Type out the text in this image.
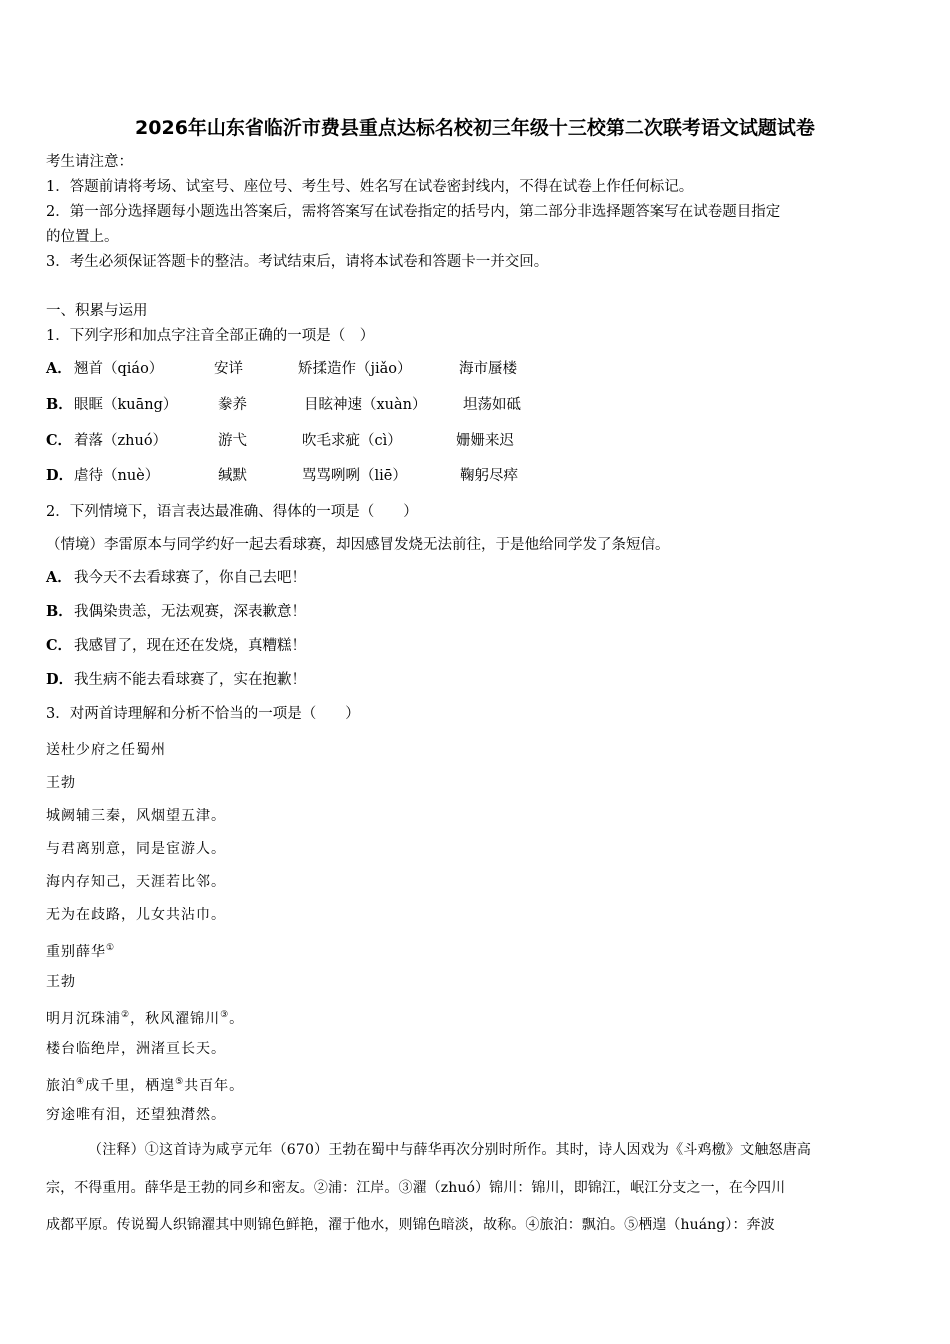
2026年山东省临沂市费县重点达标名校初三年级十三校第二次联考语文试题试卷
考生请注意：
1．答题前请将考场、试室号、座位号、考生号、姓名写在试卷密封线内，不得在试卷上作任何标记。
2．第一部分选择题每小题选出答案后，需将答案写在试卷指定的括号内，第二部分非选择题答案写在试卷题目指定
的位置上。
3．考生必须保证答题卡的整洁。考试结束后，请将本试卷和答题卡一并交回。
一、积累与运用
1．下列字形和加点字注音全部正确的一项是（　）
A． 翘首（qiáo）	安详	矫揉造作（jiǎo）	海市蜃楼
B． 眼眶（kuāng）	豢养	目眩神速（xuàn）	坦荡如砥
C． 着落（zhuó）	游弋	吹毛求疵（cì）	姗姗来迟
D． 虐待（nuè）	缄默	骂骂咧咧（liē）	鞠躬尽瘁
2．下列情境下，语言表达最准确、得体的一项是（　　）
（情境）李雷原本与同学约好一起去看球赛，却因感冒发烧无法前往，于是他给同学发了条短信。
A． 我今天不去看球赛了，你自己去吧！
B． 我偶染贵恙，无法观赛，深表歉意！
C． 我感冒了，现在还在发烧，真糟糕！
D． 我生病不能去看球赛了，实在抱歉！
3．对两首诗理解和分析不恰当的一项是（　　）
送杜少府之任蜀州
王勃
城阙辅三秦，风烟望五津。
与君离别意，同是宦游人。
海内存知己，天涯若比邻。
无为在歧路，儿女共沾巾。
重别薛华①
王勃
明月沉珠浦②，秋风濯锦川③。
楼台临绝岸，洲渚亘长天。
旅泊④成千里，栖遑⑤共百年。
穷途唯有泪，还望独潸然。
（注释）①这首诗为咸亨元年（670）王勃在蜀中与薛华再次分别时所作。其时，诗人因戏为《斗鸡檄》文触怒唐高
宗，不得重用。薛华是王勃的同乡和密友。②浦：江岸。③濯（zhuó）锦川：锦川，即锦江，岷江分支之一，在今四川
成都平原。传说蜀人织锦濯其中则锦色鲜艳，濯于他水，则锦色暗淡，故称。④旅泊：飘泊。⑤栖遑（huáng）：奔波
